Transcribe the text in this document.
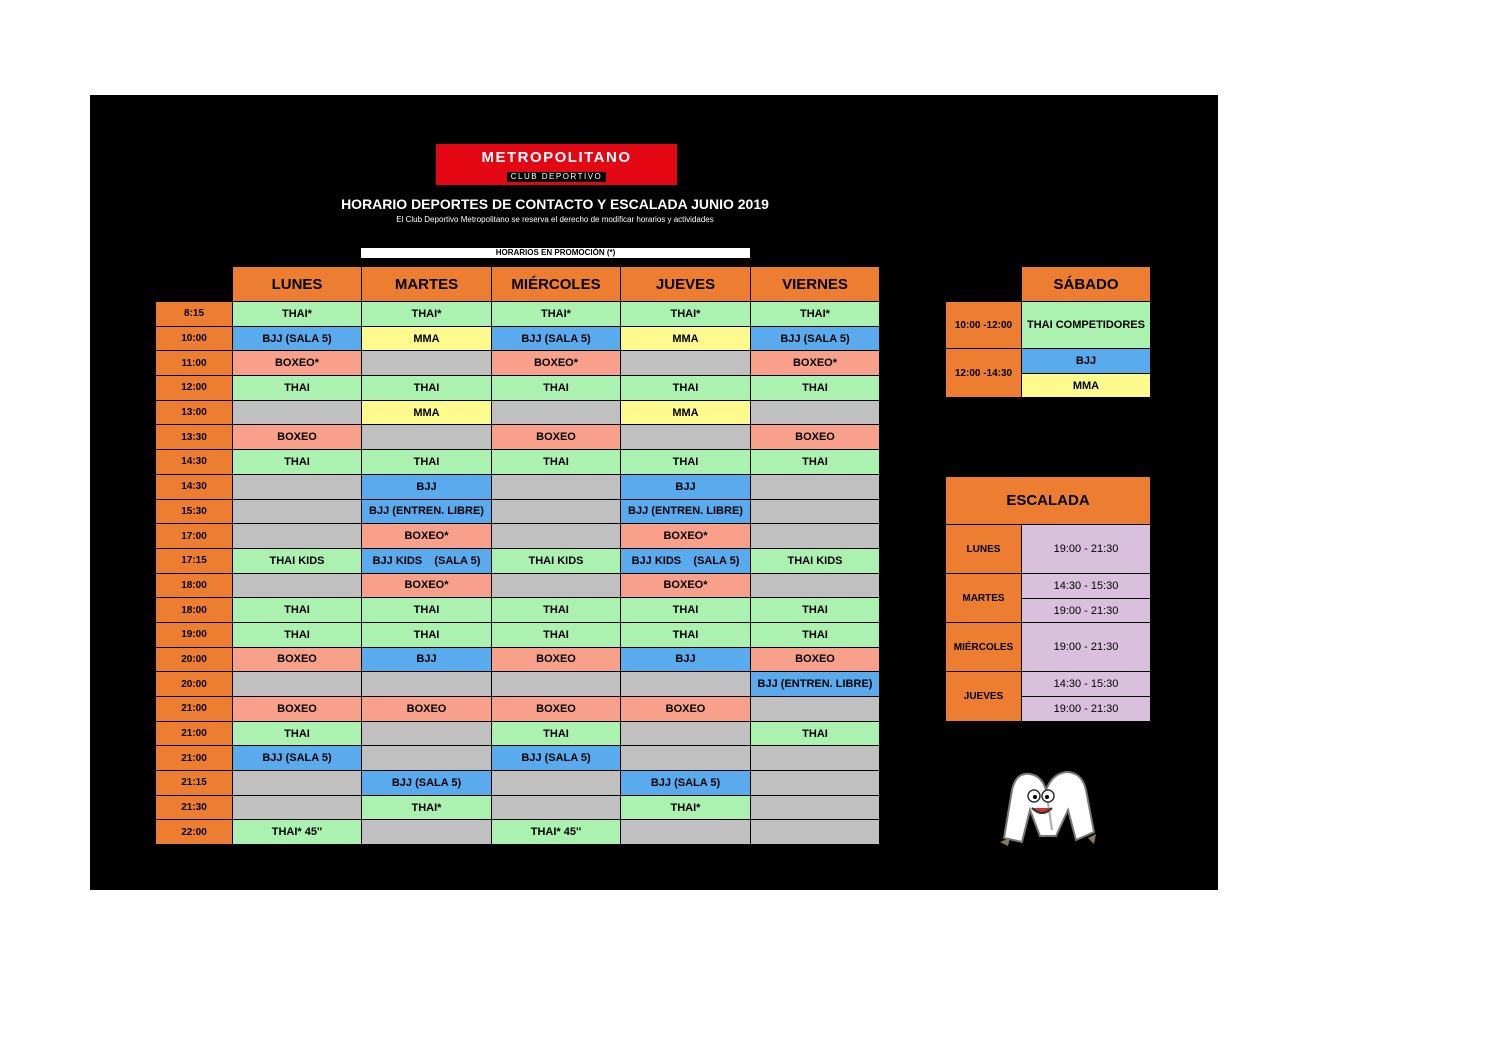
METROPOLITANO
CLUB DEPORTIVO
HORARIO DEPORTES DE CONTACTO Y ESCALADA JUNIO 2019
El Club Deportivo Metropolitano se reserva el derecho de modificar horarios y actividades
HORARIOS EN PROMOCIÓN (*)
	LUNES	MARTES	MIÉRCOLES	JUEVES	VIERNES
8:15	THAI*	THAI*	THAI*	THAI*	THAI*
10:00	BJJ (SALA 5)	MMA	BJJ (SALA 5)	MMA	BJJ (SALA 5)
11:00	BOXEO*		BOXEO*		BOXEO*
12:00	THAI	THAI	THAI	THAI	THAI
13:00		MMA		MMA	
13:30	BOXEO		BOXEO		BOXEO
14:30	THAI	THAI	THAI	THAI	THAI
14:30		BJJ		BJJ	
15:30		BJJ (ENTREN. LIBRE)		BJJ (ENTREN. LIBRE)	
17:00		BOXEO*		BOXEO*	
17:15	THAI KIDS	BJJ KIDS    (SALA 5)	THAI KIDS	BJJ KIDS    (SALA 5)	THAI KIDS
18:00		BOXEO*		BOXEO*	
18:00	THAI	THAI	THAI	THAI	THAI
19:00	THAI	THAI	THAI	THAI	THAI
20:00	BOXEO	BJJ	BOXEO	BJJ	BOXEO
20:00					BJJ (ENTREN. LIBRE)
21:00	BOXEO	BOXEO	BOXEO	BOXEO	
21:00	THAI		THAI		THAI
21:00	BJJ (SALA 5)		BJJ (SALA 5)		
21:15		BJJ (SALA 5)		BJJ (SALA 5)	
21:30		THAI*		THAI*	
22:00	THAI* 45''		THAI* 45''		
	SÁBADO
10:00 -12:00	THAI COMPETIDORES
12:00 -14:30	BJJ
	MMA
ESCALADA	
LUNES	19:00 - 21:30
MARTES	14:30 - 15:30
	19:00 - 21:30
MIÉRCOLES	19:00 - 21:30
JUEVES	14:30 - 15:30
	19:00 - 21:30
